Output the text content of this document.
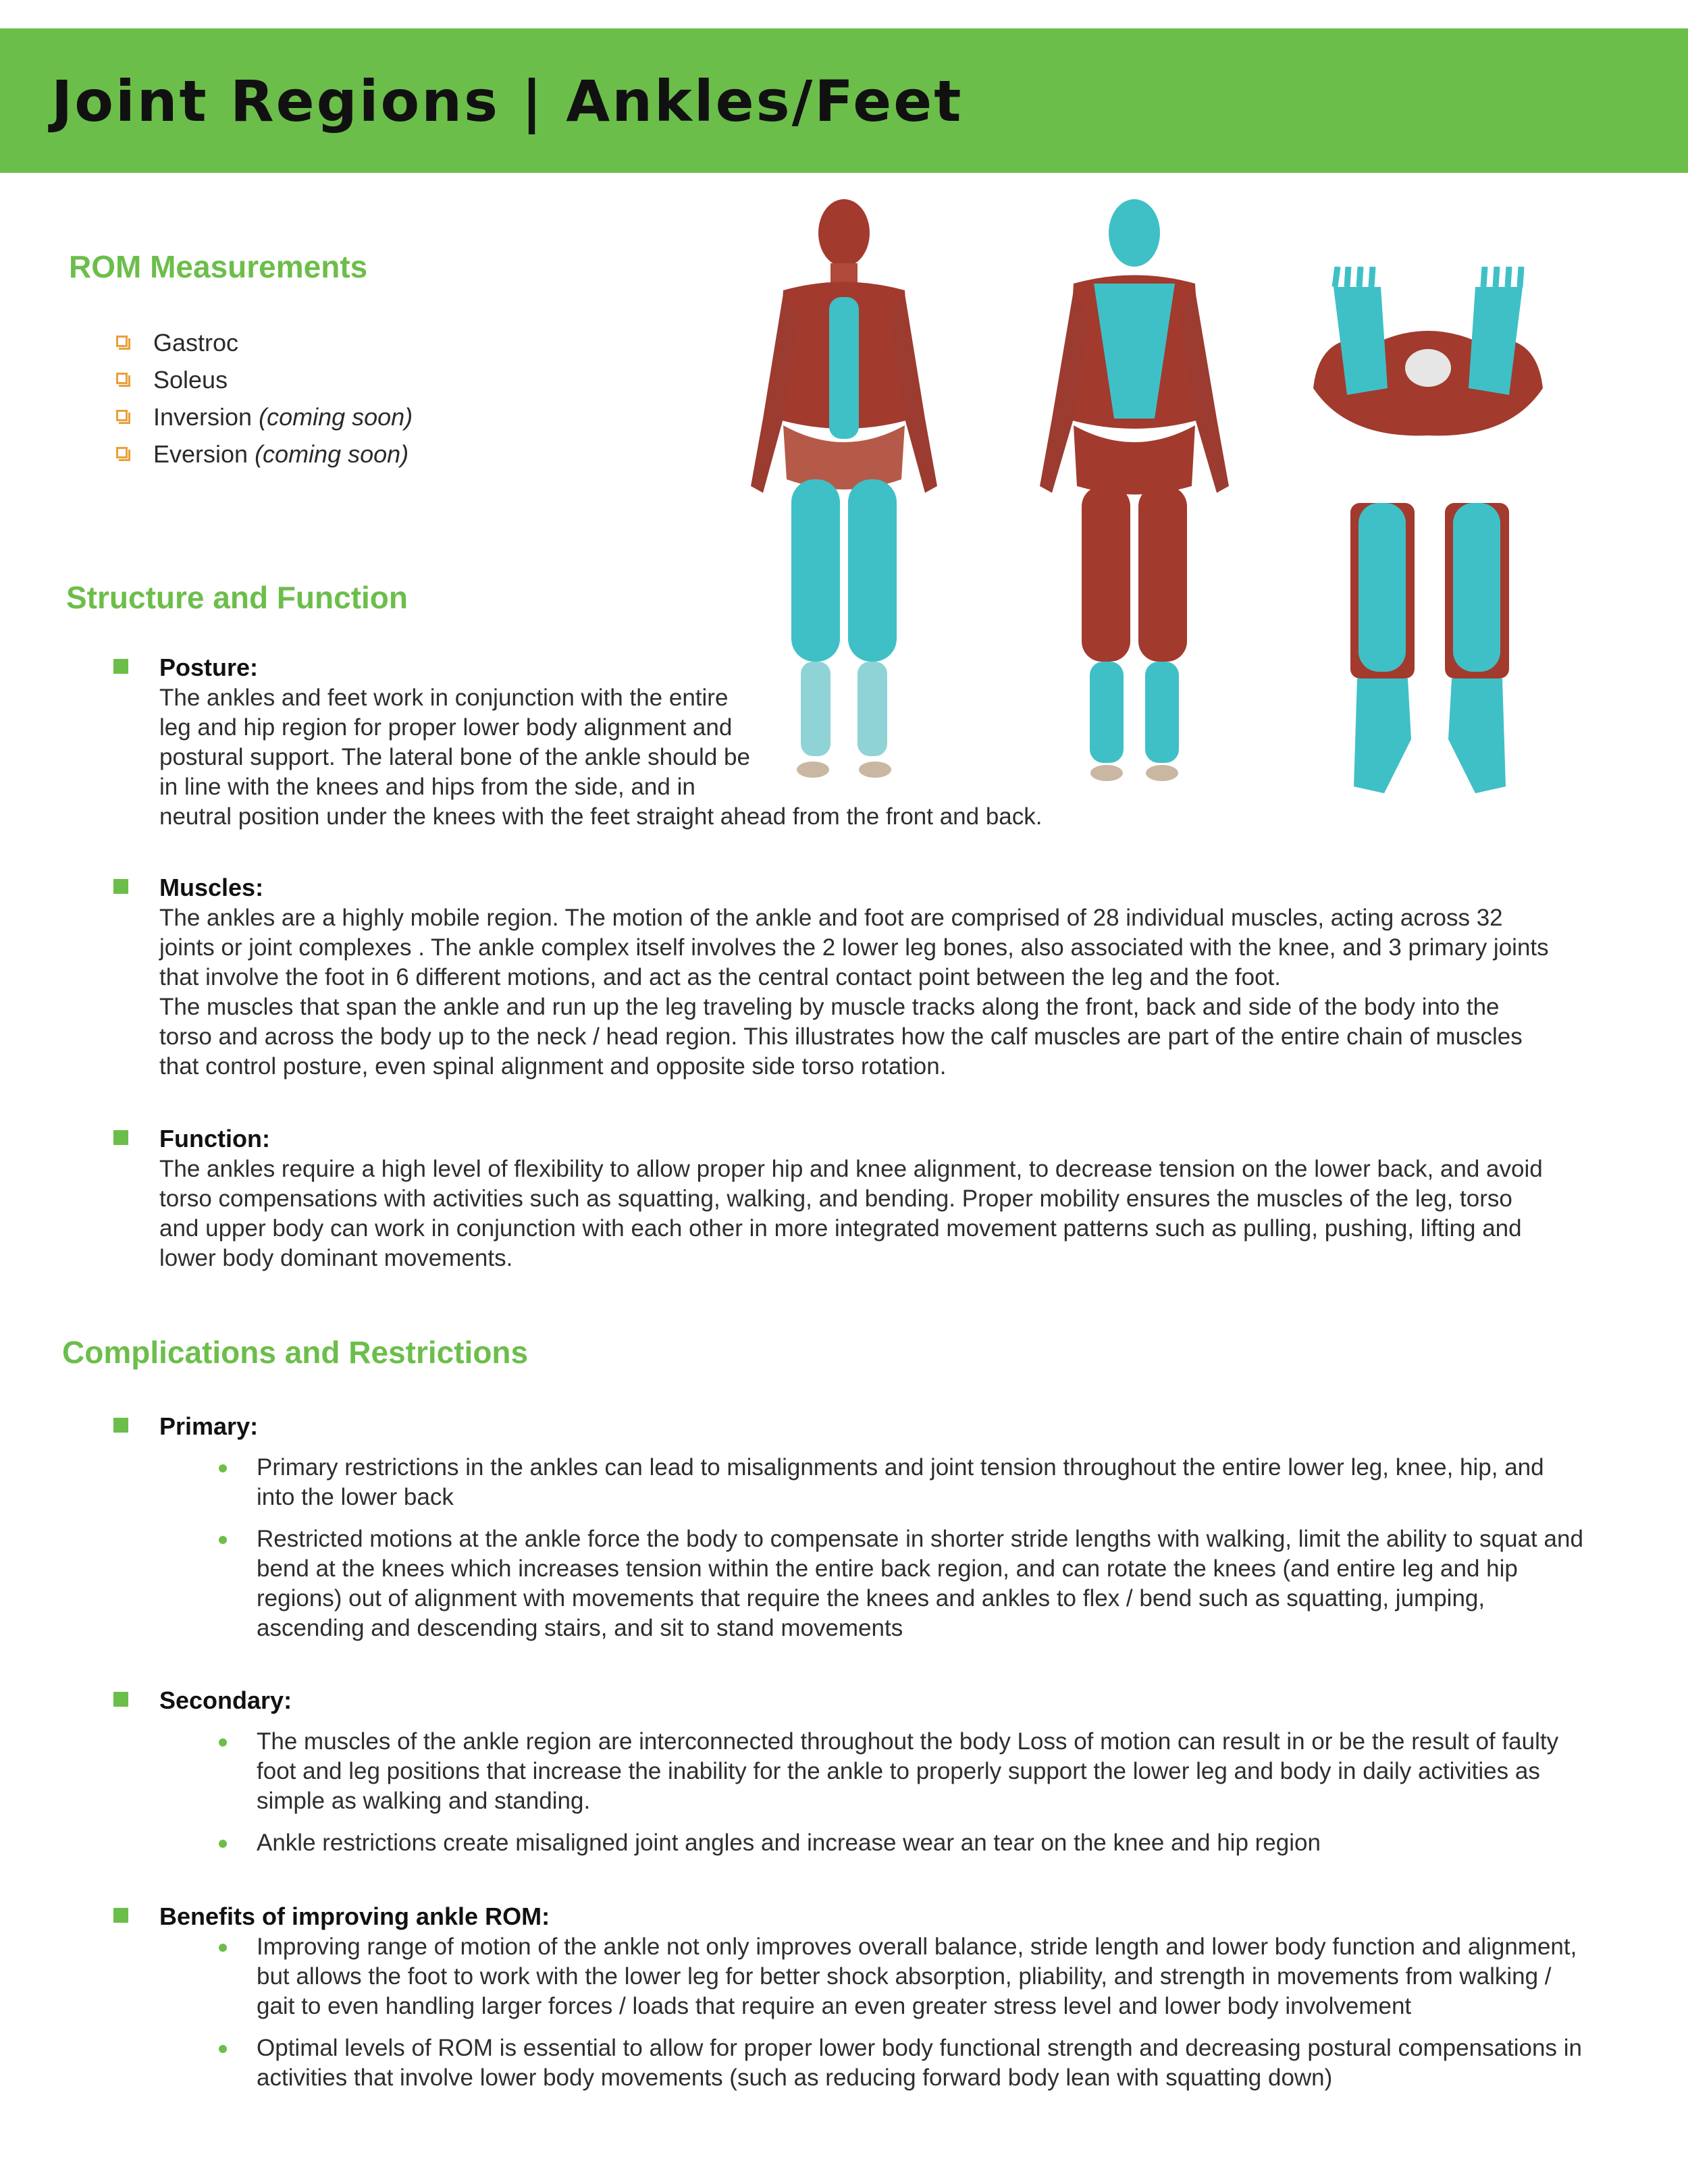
Joint Regions | Ankles/Feet
ROM Measurements
Gastroc
Soleus
Inversion (coming soon)
Eversion (coming soon)
Structure and Function
Posture:
The ankles and feet work in conjunction with the entire
leg and hip region for proper lower body alignment and
postural support. The lateral bone of the ankle should be
in line with the knees and hips from the side, and in
neutral position under the knees with the feet straight ahead from the front and back.
Muscles:
The ankles are a highly mobile region. The motion of the ankle and foot are comprised of 28 individual muscles, acting across 32
joints or joint complexes . The ankle complex itself involves the 2 lower leg bones, also associated with the knee, and 3 primary joints
that involve the foot in 6 different motions, and act as the central contact point between the leg and the foot.
The muscles that span the ankle and run up the leg traveling by muscle tracks along the front, back and side of the body into the
torso and across the body up to the neck / head region. This illustrates how the calf muscles are part of the entire chain of muscles
that control posture, even spinal alignment and opposite side torso rotation.
Function:
The ankles require a high level of flexibility to allow proper hip and knee alignment, to decrease tension on the lower back, and avoid
torso compensations with activities such as squatting, walking, and bending. Proper mobility ensures the muscles of the leg, torso
and upper body can work in conjunction with each other in more integrated movement patterns such as pulling, pushing, lifting and
lower body dominant movements.
Complications and Restrictions
Primary:
Primary restrictions in the ankles can lead to misalignments and joint tension throughout the entire lower leg, knee, hip, and into the lower back
Restricted motions at the ankle force the body to compensate in shorter stride lengths with walking, limit the ability to squat and bend at the knees which increases tension within the entire back region, and can rotate the knees (and entire leg and hip regions) out of alignment with movements that require the knees and ankles to flex / bend such as squatting, jumping, ascending and descending stairs, and sit to stand movements
Secondary:
The muscles of the ankle region are interconnected throughout the body Loss of motion can result in or be the result of faulty foot and leg positions that increase the inability for the ankle to properly support the lower leg and body in daily activities as simple as walking and standing.
Ankle restrictions create misaligned joint angles and increase wear an tear on the knee and hip region
Benefits of improving ankle ROM:
Improving range of motion of the ankle not only improves overall balance, stride length and lower body function and alignment, but allows the foot to work with the lower leg for better shock absorption, pliability, and strength in movements from walking / gait to even handling larger forces / loads that require an even greater stress level and lower body involvement
Optimal levels of ROM is essential to allow for proper lower body functional strength and decreasing postural compensations in activities that involve lower body movements (such as reducing forward body lean with squatting down)
